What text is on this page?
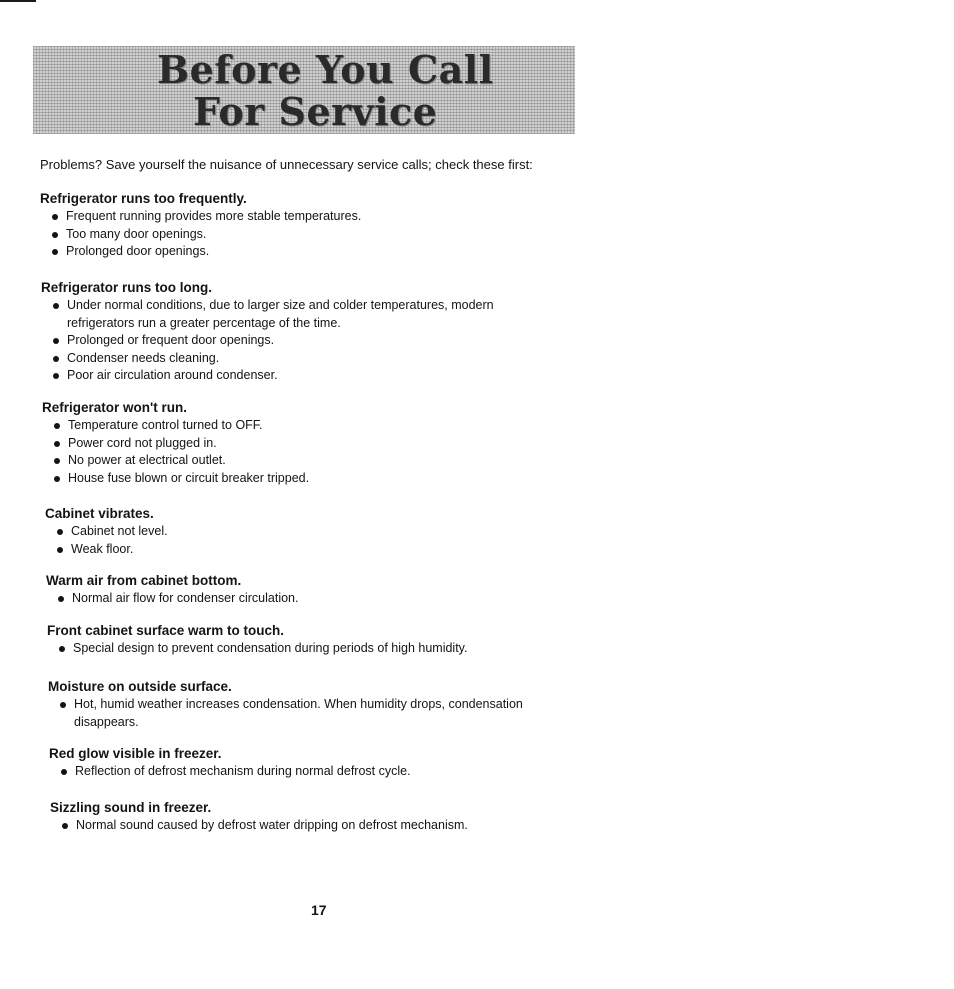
Before You Call
For Service
Problems? Save yourself the nuisance of unnecessary service calls; check these first:
Refrigerator runs too frequently.
Frequent running provides more stable temperatures.
Too many door openings.
Prolonged door openings.
Refrigerator runs too long.
Under normal conditions, due to larger size and colder temperatures, modern
refrigerators run a greater percentage of the time.
Prolonged or frequent door openings.
Condenser needs cleaning.
Poor air circulation around condenser.
Refrigerator won't run.
Temperature control turned to OFF.
Power cord not plugged in.
No power at electrical outlet.
House fuse blown or circuit breaker tripped.
Cabinet vibrates.
Cabinet not level.
Weak floor.
Warm air from cabinet bottom.
Normal air flow for condenser circulation.
Front cabinet surface warm to touch.
Special design to prevent condensation during periods of high humidity.
Moisture on outside surface.
Hot, humid weather increases condensation. When humidity drops, condensation
disappears.
Red glow visible in freezer.
Reflection of defrost mechanism during normal defrost cycle.
Sizzling sound in freezer.
Normal sound caused by defrost water dripping on defrost mechanism.
17
